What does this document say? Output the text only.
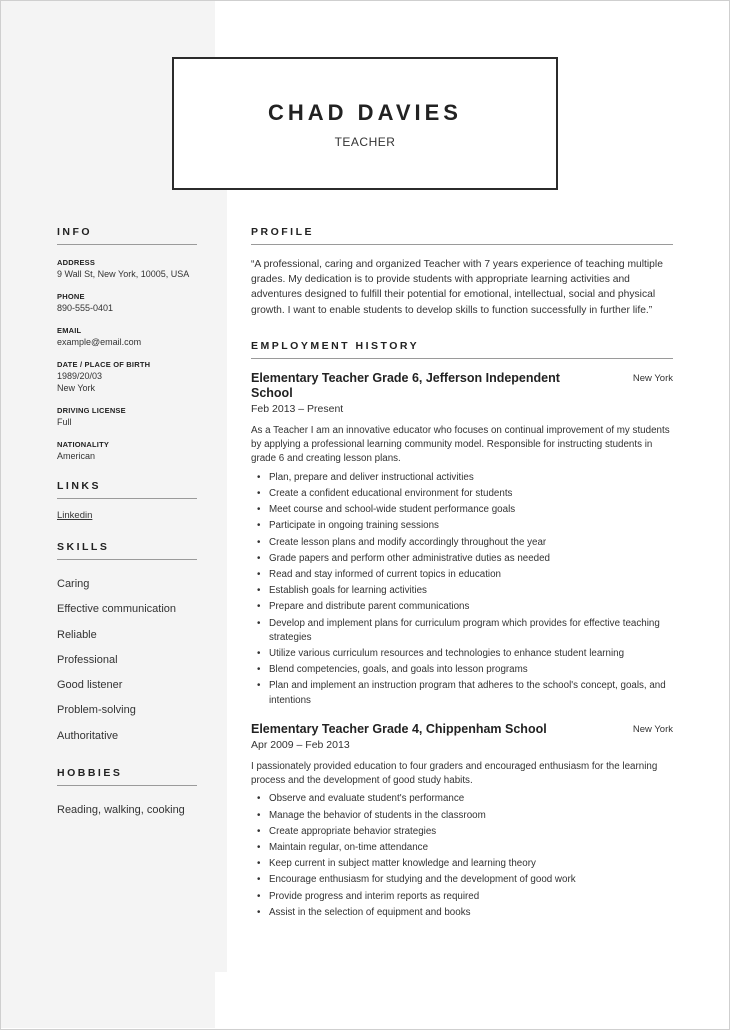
CHAD DAVIES
TEACHER
INFO
ADDRESS
9 Wall St, New York, 10005, USA
PHONE
890-555-0401
EMAIL
example@email.com
DATE / PLACE OF BIRTH
1989/20/03
New York
DRIVING LICENSE
Full
NATIONALITY
American
LINKS
Linkedin
SKILLS
Caring
Effective communication
Reliable
Professional
Good listener
Problem-solving
Authoritative
HOBBIES
Reading, walking, cooking
PROFILE
“A professional, caring and organized Teacher with 7 years experience of teaching multiple grades. My dedication is to provide students with appropriate learning activities and adventures designed to fulfill their potential for emotional, intellectual, social and physical growth. I want to enable students to develop skills to function successfully in further life.”
EMPLOYMENT HISTORY
Elementary Teacher Grade 6, Jefferson Independent School
New York
Feb 2013 – Present
As a Teacher I am an innovative educator who focuses on continual improvement of my students by applying a professional learning community model. Responsible for instructing students in grade 6 and creating lesson plans.
• Plan, prepare and deliver instructional activities
• Create a confident educational environment for students
• Meet course and school-wide student performance goals
• Participate in ongoing training sessions
• Create lesson plans and modify accordingly throughout the year
• Grade papers and perform other administrative duties as needed
• Read and stay informed of current topics in education
• Establish goals for learning activities
• Prepare and distribute parent communications
• Develop and implement plans for curriculum program which provides for effective teaching strategies
• Utilize various curriculum resources and technologies to enhance student learning
• Blend competencies, goals, and goals into lesson programs
• Plan and implement an instruction program that adheres to the school's concept, goals, and intentions
Elementary Teacher Grade 4, Chippenham School	New York
Apr 2009 – Feb 2013
I passionately provided education to four graders and encouraged enthusiasm for the learning process and the development of good study habits.
• Observe and evaluate student's performance
• Manage the behavior of students in the classroom
• Create appropriate behavior strategies
• Maintain regular, on-time attendance
• Keep current in subject matter knowledge and learning theory
• Encourage enthusiasm for studying and the development of good work
• Provide progress and interim reports as required
• Assist in the selection of equipment and books
